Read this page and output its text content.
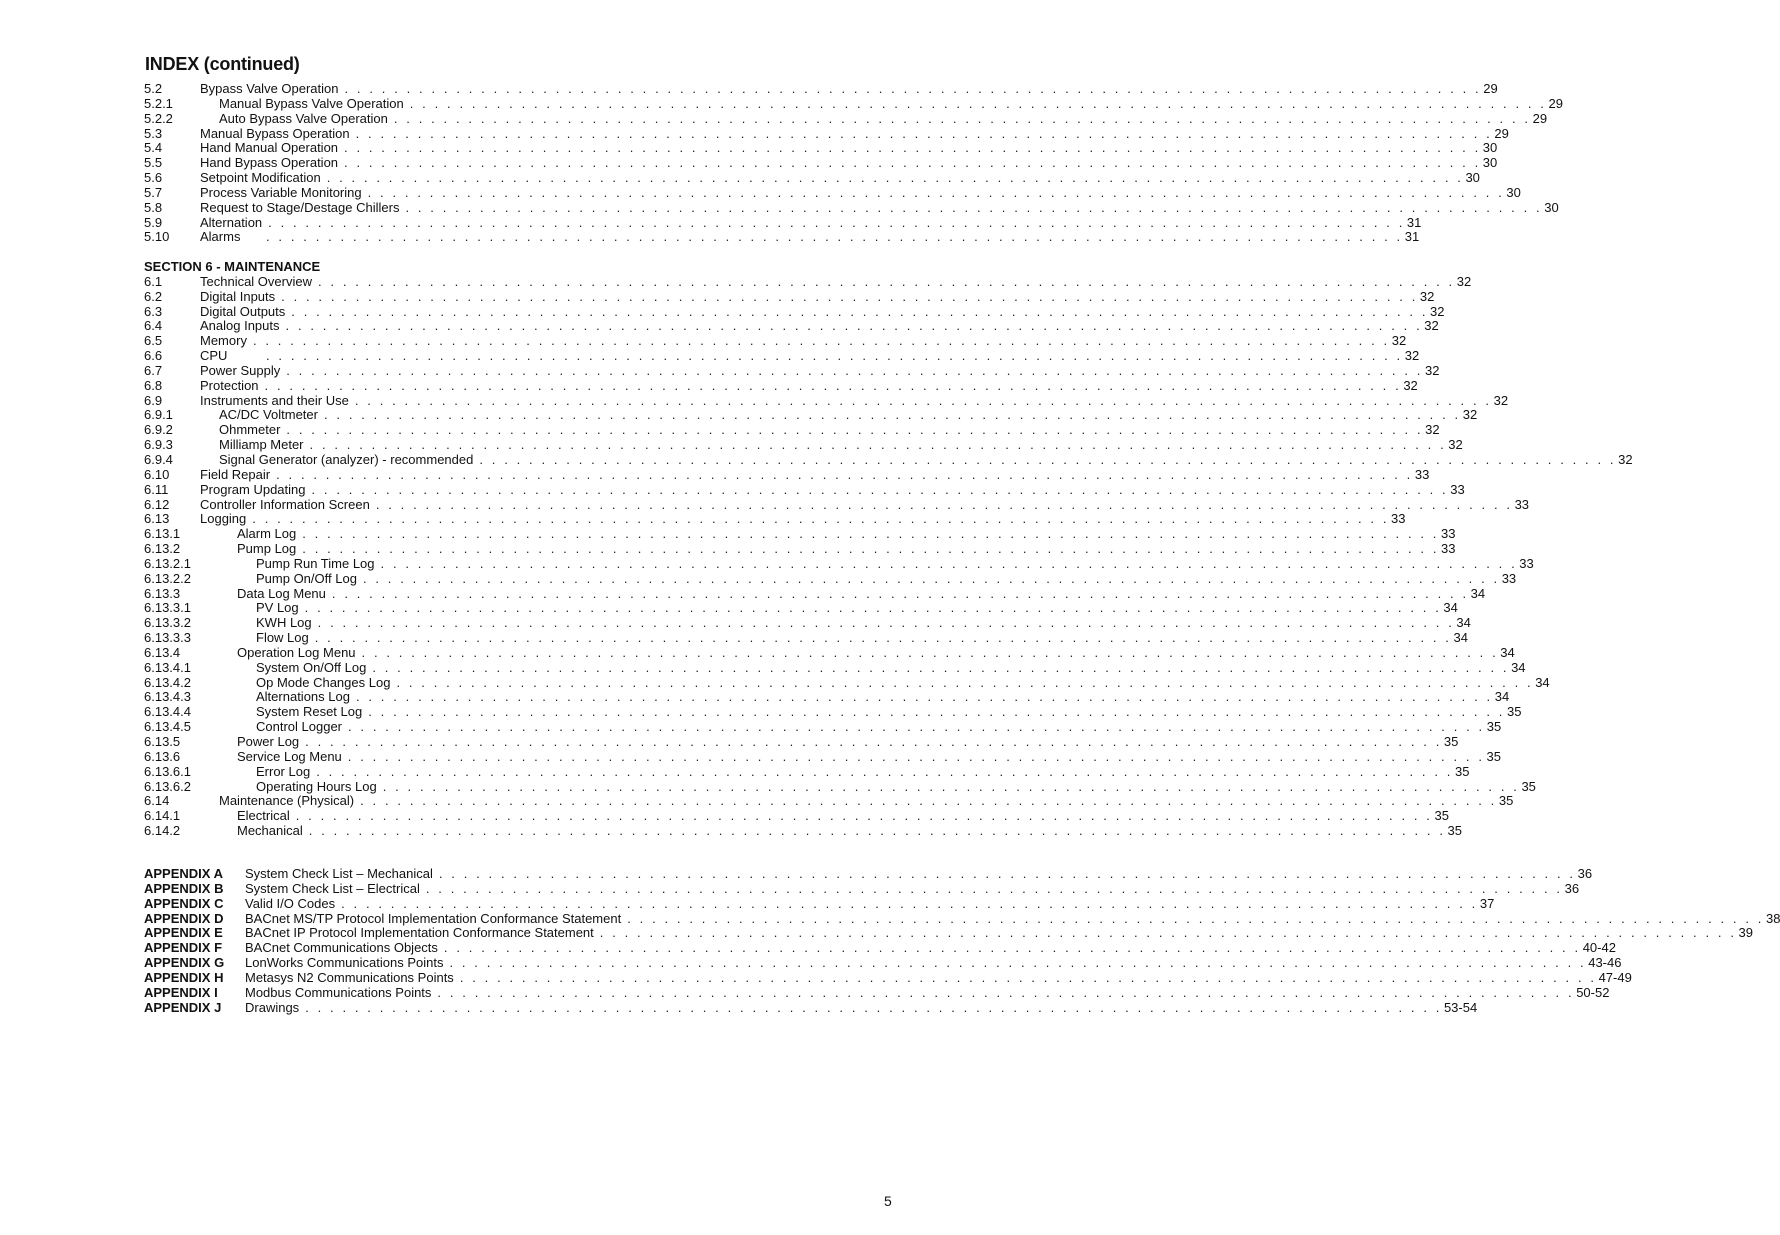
INDEX (continued)
5.2	Bypass Valve Operation . . . . . . . . . . . . . . . . . . . . . . . . . . . . . . . . . . . . . . . . . . . . . . . . . . . . . . . . . . . . . . . . . . . . . . . . . . . . . . . . . . . . . . . . . . . . 29
5.2.1	Manual Bypass Valve Operation . . . . . . . . . . . . . . . . . . . . . . . . . . . . . . . . . . . . . . . . . . . . . . . . . . . . . . . . . . . . . . . . . . . . . . . . . . . . . . . . . . . . . . . . . . . . 29
5.2.2	Auto Bypass Valve Operation . . . . . . . . . . . . . . . . . . . . . . . . . . . . . . . . . . . . . . . . . . . . . . . . . . . . . . . . . . . . . . . . . . . . . . . . . . . . . . . . . . . . . . . . . . . . 29
5.3	Manual Bypass Operation . . . . . . . . . . . . . . . . . . . . . . . . . . . . . . . . . . . . . . . . . . . . . . . . . . . . . . . . . . . . . . . . . . . . . . . . . . . . . . . . . . . . . . . . . . . . 29
5.4	Hand Manual Operation . . . . . . . . . . . . . . . . . . . . . . . . . . . . . . . . . . . . . . . . . . . . . . . . . . . . . . . . . . . . . . . . . . . . . . . . . . . . . . . . . . . . . . . . . . . . 30
5.5	Hand Bypass Operation . . . . . . . . . . . . . . . . . . . . . . . . . . . . . . . . . . . . . . . . . . . . . . . . . . . . . . . . . . . . . . . . . . . . . . . . . . . . . . . . . . . . . . . . . . . . 30
5.6	Setpoint Modification . . . . . . . . . . . . . . . . . . . . . . . . . . . . . . . . . . . . . . . . . . . . . . . . . . . . . . . . . . . . . . . . . . . . . . . . . . . . . . . . . . . . . . . . . . . . 30
5.7	Process Variable Monitoring . . . . . . . . . . . . . . . . . . . . . . . . . . . . . . . . . . . . . . . . . . . . . . . . . . . . . . . . . . . . . . . . . . . . . . . . . . . . . . . . . . . . . . . . . . . . 30
5.8	Request to Stage/Destage Chillers . . . . . . . . . . . . . . . . . . . . . . . . . . . . . . . . . . . . . . . . . . . . . . . . . . . . . . . . . . . . . . . . . . . . . . . . . . . . . . . . . . . . . . . . . . . . 30
5.9	Alternation . . . . . . . . . . . . . . . . . . . . . . . . . . . . . . . . . . . . . . . . . . . . . . . . . . . . . . . . . . . . . . . . . . . . . . . . . . . . . . . . . . . . . . . . . . . . 31
5.10	Alarms	. . . . . . . . . . . . . . . . . . . . . . . . . . . . . . . . . . . . . . . . . . . . . . . . . . . . . . . . . . . . . . . . . . . . . . . . . . . . . . . . . . . . . . . . . . . . 31
SECTION 6 - MAINTENANCE
6.1	Technical Overview . . . . . . . . . . . . . . . . . . . . . . . . . . . . . . . . . . . . . . . . . . . . . . . . . . . . . . . . . . . . . . . . . . . . . . . . . . . . . . . . . . . . . . . . . . . . 32
6.2	Digital Inputs . . . . . . . . . . . . . . . . . . . . . . . . . . . . . . . . . . . . . . . . . . . . . . . . . . . . . . . . . . . . . . . . . . . . . . . . . . . . . . . . . . . . . . . . . . . . 32
6.3	Digital Outputs . . . . . . . . . . . . . . . . . . . . . . . . . . . . . . . . . . . . . . . . . . . . . . . . . . . . . . . . . . . . . . . . . . . . . . . . . . . . . . . . . . . . . . . . . . . . 32
6.4	Analog Inputs . . . . . . . . . . . . . . . . . . . . . . . . . . . . . . . . . . . . . . . . . . . . . . . . . . . . . . . . . . . . . . . . . . . . . . . . . . . . . . . . . . . . . . . . . . . . 32
6.5	Memory . . . . . . . . . . . . . . . . . . . . . . . . . . . . . . . . . . . . . . . . . . . . . . . . . . . . . . . . . . . . . . . . . . . . . . . . . . . . . . . . . . . . . . . . . . . . 32
6.6	CPU	. . . . . . . . . . . . . . . . . . . . . . . . . . . . . . . . . . . . . . . . . . . . . . . . . . . . . . . . . . . . . . . . . . . . . . . . . . . . . . . . . . . . . . . . . . . . 32
6.7	Power Supply . . . . . . . . . . . . . . . . . . . . . . . . . . . . . . . . . . . . . . . . . . . . . . . . . . . . . . . . . . . . . . . . . . . . . . . . . . . . . . . . . . . . . . . . . . . . 32
6.8	Protection . . . . . . . . . . . . . . . . . . . . . . . . . . . . . . . . . . . . . . . . . . . . . . . . . . . . . . . . . . . . . . . . . . . . . . . . . . . . . . . . . . . . . . . . . . . . 32
6.9	Instruments and their Use . . . . . . . . . . . . . . . . . . . . . . . . . . . . . . . . . . . . . . . . . . . . . . . . . . . . . . . . . . . . . . . . . . . . . . . . . . . . . . . . . . . . . . . . . . . . 32
6.9.1	AC/DC Voltmeter . . . . . . . . . . . . . . . . . . . . . . . . . . . . . . . . . . . . . . . . . . . . . . . . . . . . . . . . . . . . . . . . . . . . . . . . . . . . . . . . . . . . . . . . . . . . 32
6.9.2	Ohmmeter . . . . . . . . . . . . . . . . . . . . . . . . . . . . . . . . . . . . . . . . . . . . . . . . . . . . . . . . . . . . . . . . . . . . . . . . . . . . . . . . . . . . . . . . . . . . 32
6.9.3	Milliamp Meter . . . . . . . . . . . . . . . . . . . . . . . . . . . . . . . . . . . . . . . . . . . . . . . . . . . . . . . . . . . . . . . . . . . . . . . . . . . . . . . . . . . . . . . . . . . . 32
6.9.4	Signal Generator (analyzer) - recommended . . . . . . . . . . . . . . . . . . . . . . . . . . . . . . . . . . . . . . . . . . . . . . . . . . . . . . . . . . . . . . . . . . . . . . . . . . . . . . . . . . . . . . . . . . . . 32
6.10	Field Repair . . . . . . . . . . . . . . . . . . . . . . . . . . . . . . . . . . . . . . . . . . . . . . . . . . . . . . . . . . . . . . . . . . . . . . . . . . . . . . . . . . . . . . . . . . . . 33
6.11	Program Updating . . . . . . . . . . . . . . . . . . . . . . . . . . . . . . . . . . . . . . . . . . . . . . . . . . . . . . . . . . . . . . . . . . . . . . . . . . . . . . . . . . . . . . . . . . . . 33
6.12	Controller Information Screen . . . . . . . . . . . . . . . . . . . . . . . . . . . . . . . . . . . . . . . . . . . . . . . . . . . . . . . . . . . . . . . . . . . . . . . . . . . . . . . . . . . . . . . . . . . . 33
6.13	Logging . . . . . . . . . . . . . . . . . . . . . . . . . . . . . . . . . . . . . . . . . . . . . . . . . . . . . . . . . . . . . . . . . . . . . . . . . . . . . . . . . . . . . . . . . . . . 33
6.13.1	Alarm Log . . . . . . . . . . . . . . . . . . . . . . . . . . . . . . . . . . . . . . . . . . . . . . . . . . . . . . . . . . . . . . . . . . . . . . . . . . . . . . . . . . . . . . . . . . . . 33
6.13.2	Pump Log . . . . . . . . . . . . . . . . . . . . . . . . . . . . . . . . . . . . . . . . . . . . . . . . . . . . . . . . . . . . . . . . . . . . . . . . . . . . . . . . . . . . . . . . . . . . 33
6.13.2.1	Pump Run Time Log . . . . . . . . . . . . . . . . . . . . . . . . . . . . . . . . . . . . . . . . . . . . . . . . . . . . . . . . . . . . . . . . . . . . . . . . . . . . . . . . . . . . . . . . . . . . 33
6.13.2.2	Pump On/Off Log . . . . . . . . . . . . . . . . . . . . . . . . . . . . . . . . . . . . . . . . . . . . . . . . . . . . . . . . . . . . . . . . . . . . . . . . . . . . . . . . . . . . . . . . . . . . 33
6.13.3	Data Log Menu . . . . . . . . . . . . . . . . . . . . . . . . . . . . . . . . . . . . . . . . . . . . . . . . . . . . . . . . . . . . . . . . . . . . . . . . . . . . . . . . . . . . . . . . . . . . 34
6.13.3.1	PV Log . . . . . . . . . . . . . . . . . . . . . . . . . . . . . . . . . . . . . . . . . . . . . . . . . . . . . . . . . . . . . . . . . . . . . . . . . . . . . . . . . . . . . . . . . . . . 34
6.13.3.2	KWH Log . . . . . . . . . . . . . . . . . . . . . . . . . . . . . . . . . . . . . . . . . . . . . . . . . . . . . . . . . . . . . . . . . . . . . . . . . . . . . . . . . . . . . . . . . . . . 34
6.13.3.3	Flow Log . . . . . . . . . . . . . . . . . . . . . . . . . . . . . . . . . . . . . . . . . . . . . . . . . . . . . . . . . . . . . . . . . . . . . . . . . . . . . . . . . . . . . . . . . . . . 34
6.13.4	Operation Log Menu . . . . . . . . . . . . . . . . . . . . . . . . . . . . . . . . . . . . . . . . . . . . . . . . . . . . . . . . . . . . . . . . . . . . . . . . . . . . . . . . . . . . . . . . . . . . 34
6.13.4.1	System On/Off Log . . . . . . . . . . . . . . . . . . . . . . . . . . . . . . . . . . . . . . . . . . . . . . . . . . . . . . . . . . . . . . . . . . . . . . . . . . . . . . . . . . . . . . . . . . . . 34
6.13.4.2	Op Mode Changes Log . . . . . . . . . . . . . . . . . . . . . . . . . . . . . . . . . . . . . . . . . . . . . . . . . . . . . . . . . . . . . . . . . . . . . . . . . . . . . . . . . . . . . . . . . . . . 34
6.13.4.3	Alternations Log . . . . . . . . . . . . . . . . . . . . . . . . . . . . . . . . . . . . . . . . . . . . . . . . . . . . . . . . . . . . . . . . . . . . . . . . . . . . . . . . . . . . . . . . . . . . 34
6.13.4.4	System Reset Log . . . . . . . . . . . . . . . . . . . . . . . . . . . . . . . . . . . . . . . . . . . . . . . . . . . . . . . . . . . . . . . . . . . . . . . . . . . . . . . . . . . . . . . . . . . . 35
6.13.4.5	Control Logger . . . . . . . . . . . . . . . . . . . . . . . . . . . . . . . . . . . . . . . . . . . . . . . . . . . . . . . . . . . . . . . . . . . . . . . . . . . . . . . . . . . . . . . . . . . . 35
6.13.5	Power Log . . . . . . . . . . . . . . . . . . . . . . . . . . . . . . . . . . . . . . . . . . . . . . . . . . . . . . . . . . . . . . . . . . . . . . . . . . . . . . . . . . . . . . . . . . . . 35
6.13.6	Service Log Menu . . . . . . . . . . . . . . . . . . . . . . . . . . . . . . . . . . . . . . . . . . . . . . . . . . . . . . . . . . . . . . . . . . . . . . . . . . . . . . . . . . . . . . . . . . . . 35
6.13.6.1	Error Log . . . . . . . . . . . . . . . . . . . . . . . . . . . . . . . . . . . . . . . . . . . . . . . . . . . . . . . . . . . . . . . . . . . . . . . . . . . . . . . . . . . . . . . . . . . . 35
6.13.6.2	Operating Hours Log . . . . . . . . . . . . . . . . . . . . . . . . . . . . . . . . . . . . . . . . . . . . . . . . . . . . . . . . . . . . . . . . . . . . . . . . . . . . . . . . . . . . . . . . . . . . 35
6.14	Maintenance (Physical) . . . . . . . . . . . . . . . . . . . . . . . . . . . . . . . . . . . . . . . . . . . . . . . . . . . . . . . . . . . . . . . . . . . . . . . . . . . . . . . . . . . . . . . . . . . . 35
6.14.1	Electrical . . . . . . . . . . . . . . . . . . . . . . . . . . . . . . . . . . . . . . . . . . . . . . . . . . . . . . . . . . . . . . . . . . . . . . . . . . . . . . . . . . . . . . . . . . . . 35
6.14.2	Mechanical . . . . . . . . . . . . . . . . . . . . . . . . . . . . . . . . . . . . . . . . . . . . . . . . . . . . . . . . . . . . . . . . . . . . . . . . . . . . . . . . . . . . . . . . . . . . 35
APPENDIX A	System Check List – Mechanical . . . . . . . . . . . . . . . . . . . . . . . . . . . . . . . . . . . . . . . . . . . . . . . . . . . . . . . . . . . . . . . . . . . . . . . . . . . . . . . . . . . . . . . . . . . . 36
APPENDIX B	System Check List – Electrical . . . . . . . . . . . . . . . . . . . . . . . . . . . . . . . . . . . . . . . . . . . . . . . . . . . . . . . . . . . . . . . . . . . . . . . . . . . . . . . . . . . . . . . . . . . . 36
APPENDIX C	Valid I/O Codes . . . . . . . . . . . . . . . . . . . . . . . . . . . . . . . . . . . . . . . . . . . . . . . . . . . . . . . . . . . . . . . . . . . . . . . . . . . . . . . . . . . . . . . . . . . . 37
APPENDIX D	BACnet MS/TP Protocol Implementation Conformance Statement . . . . . . . . . . . . . . . . . . . . . . . . . . . . . . . . . . . . . . . . . . . . . . . . . . . . . . . . . . . . . . . . . . . . . . . . . . . . . . . . . . . . . . . . . . . . 38
APPENDIX E	BACnet IP Protocol Implementation Conformance Statement . . . . . . . . . . . . . . . . . . . . . . . . . . . . . . . . . . . . . . . . . . . . . . . . . . . . . . . . . . . . . . . . . . . . . . . . . . . . . . . . . . . . . . . . . . . . 39
APPENDIX F	BACnet Communications Objects . . . . . . . . . . . . . . . . . . . . . . . . . . . . . . . . . . . . . . . . . . . . . . . . . . . . . . . . . . . . . . . . . . . . . . . . . . . . . . . . . . . . . . . . . . . . 40-42
APPENDIX G	LonWorks Communications Points . . . . . . . . . . . . . . . . . . . . . . . . . . . . . . . . . . . . . . . . . . . . . . . . . . . . . . . . . . . . . . . . . . . . . . . . . . . . . . . . . . . . . . . . . . . . 43-46
APPENDIX H	Metasys N2 Communications Points . . . . . . . . . . . . . . . . . . . . . . . . . . . . . . . . . . . . . . . . . . . . . . . . . . . . . . . . . . . . . . . . . . . . . . . . . . . . . . . . . . . . . . . . . . . . 47-49
APPENDIX I	Modbus Communications Points . . . . . . . . . . . . . . . . . . . . . . . . . . . . . . . . . . . . . . . . . . . . . . . . . . . . . . . . . . . . . . . . . . . . . . . . . . . . . . . . . . . . . . . . . . . . 50-52
APPENDIX J	Drawings . . . . . . . . . . . . . . . . . . . . . . . . . . . . . . . . . . . . . . . . . . . . . . . . . . . . . . . . . . . . . . . . . . . . . . . . . . . . . . . . . . . . . . . . . . . . 53-54
5
